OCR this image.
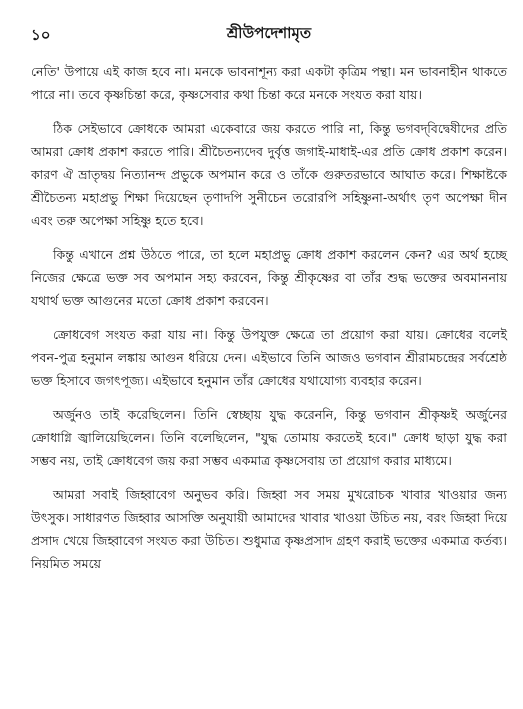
১০	শ্রীউপদেশামৃত

নেতি' উপায়ে এই কাজ হবে না। মনকে ভাবনাশূন্য করা একটা কৃত্রিম পন্থা। মন ভাবনাহীন থাকতে পারে না। তবে কৃষ্ণচিন্তা করে, কৃষ্ণসেবার কথা চিন্তা করে মনকে সংযত করা যায়।

ঠিক সেইভাবে ক্রোধকে আমরা একেবারে জয় করতে পারি না, কিন্তু ভগবদ্‌বিদ্বেষীদের প্রতি আমরা ক্রোধ প্রকাশ করতে পারি। শ্রীচৈতন্যদেব দুর্বৃত্ত জগাই-মাধাই-এর প্রতি ক্রোধ প্রকাশ করেন। কারণ ঐ ভ্রাতৃদ্বয় নিত্যানন্দ প্রভুকে অপমান করে ও তাঁকে গুরুতরভাবে আঘাত করে। শিক্ষাষ্টকে শ্রীচৈতন্য মহাপ্রভু শিক্ষা দিয়েছেন তৃণাদপি সুনীচেন তরোরপি সহিষ্ণুনা-অর্থাৎ তৃণ অপেক্ষা দীন এবং তরু অপেক্ষা সহিষ্ণু হতে হবে।

কিন্তু এখানে প্রশ্ন উঠতে পারে, তা হলে মহাপ্রভু ক্রোধ প্রকাশ করলেন কেন? এর অর্থ হচ্ছে নিজের ক্ষেত্রে ভক্ত সব অপমান সহ্য করবেন, কিন্তু শ্রীকৃষ্ণের বা তাঁর শুদ্ধ ভক্তের অবমাননায় যথার্থ ভক্ত আগুনের মতো ক্রোধ প্রকাশ করবেন।

ক্রোধবেগ সংযত করা যায় না। কিন্তু উপযুক্ত ক্ষেত্রে তা প্রয়োগ করা যায়। ক্রোধের বলেই পবন-পুত্র হনুমান লঙ্কায় আগুন ধরিয়ে দেন। এইভাবে তিনি আজও ভগবান শ্রীরামচন্দ্রের সর্বশ্রেষ্ঠ ভক্ত হিসাবে জগৎপূজ্য। এইভাবে হনুমান তাঁর ক্রোধের যথাযোগ্য ব্যবহার করেন।

অর্জুনও তাই করেছিলেন। তিনি স্বেচ্ছায় যুদ্ধ করেননি, কিন্তু ভগবান শ্রীকৃষ্ণই অর্জুনের ক্রোধাগ্নি জ্বালিয়েছিলেন। তিনি বলেছিলেন, "যুদ্ধ তোমায় করতেই হবে।" ক্রোধ ছাড়া যুদ্ধ করা সম্ভব নয়, তাই ক্রোধবেগ জয় করা সম্ভব একমাত্র কৃষ্ণসেবায় তা প্রয়োগ করার মাধ্যমে।

আমরা সবাই জিহ্বাবেগ অনুভব করি। জিহ্বা সব সময় মুখরোচক খাবার খাওয়ার জন্য উৎসুক। সাধারণত জিহ্বার আসক্তি অনুযায়ী আমাদের খাবার খাওয়া উচিত নয়, বরং জিহ্বা দিয়ে প্রসাদ খেয়ে জিহ্বাবেগ সংযত করা উচিত। শুধুমাত্র কৃষ্ণপ্রসাদ গ্রহণ করাই ভক্তের একমাত্র কর্তব্য। নিয়মিত সময়ে
